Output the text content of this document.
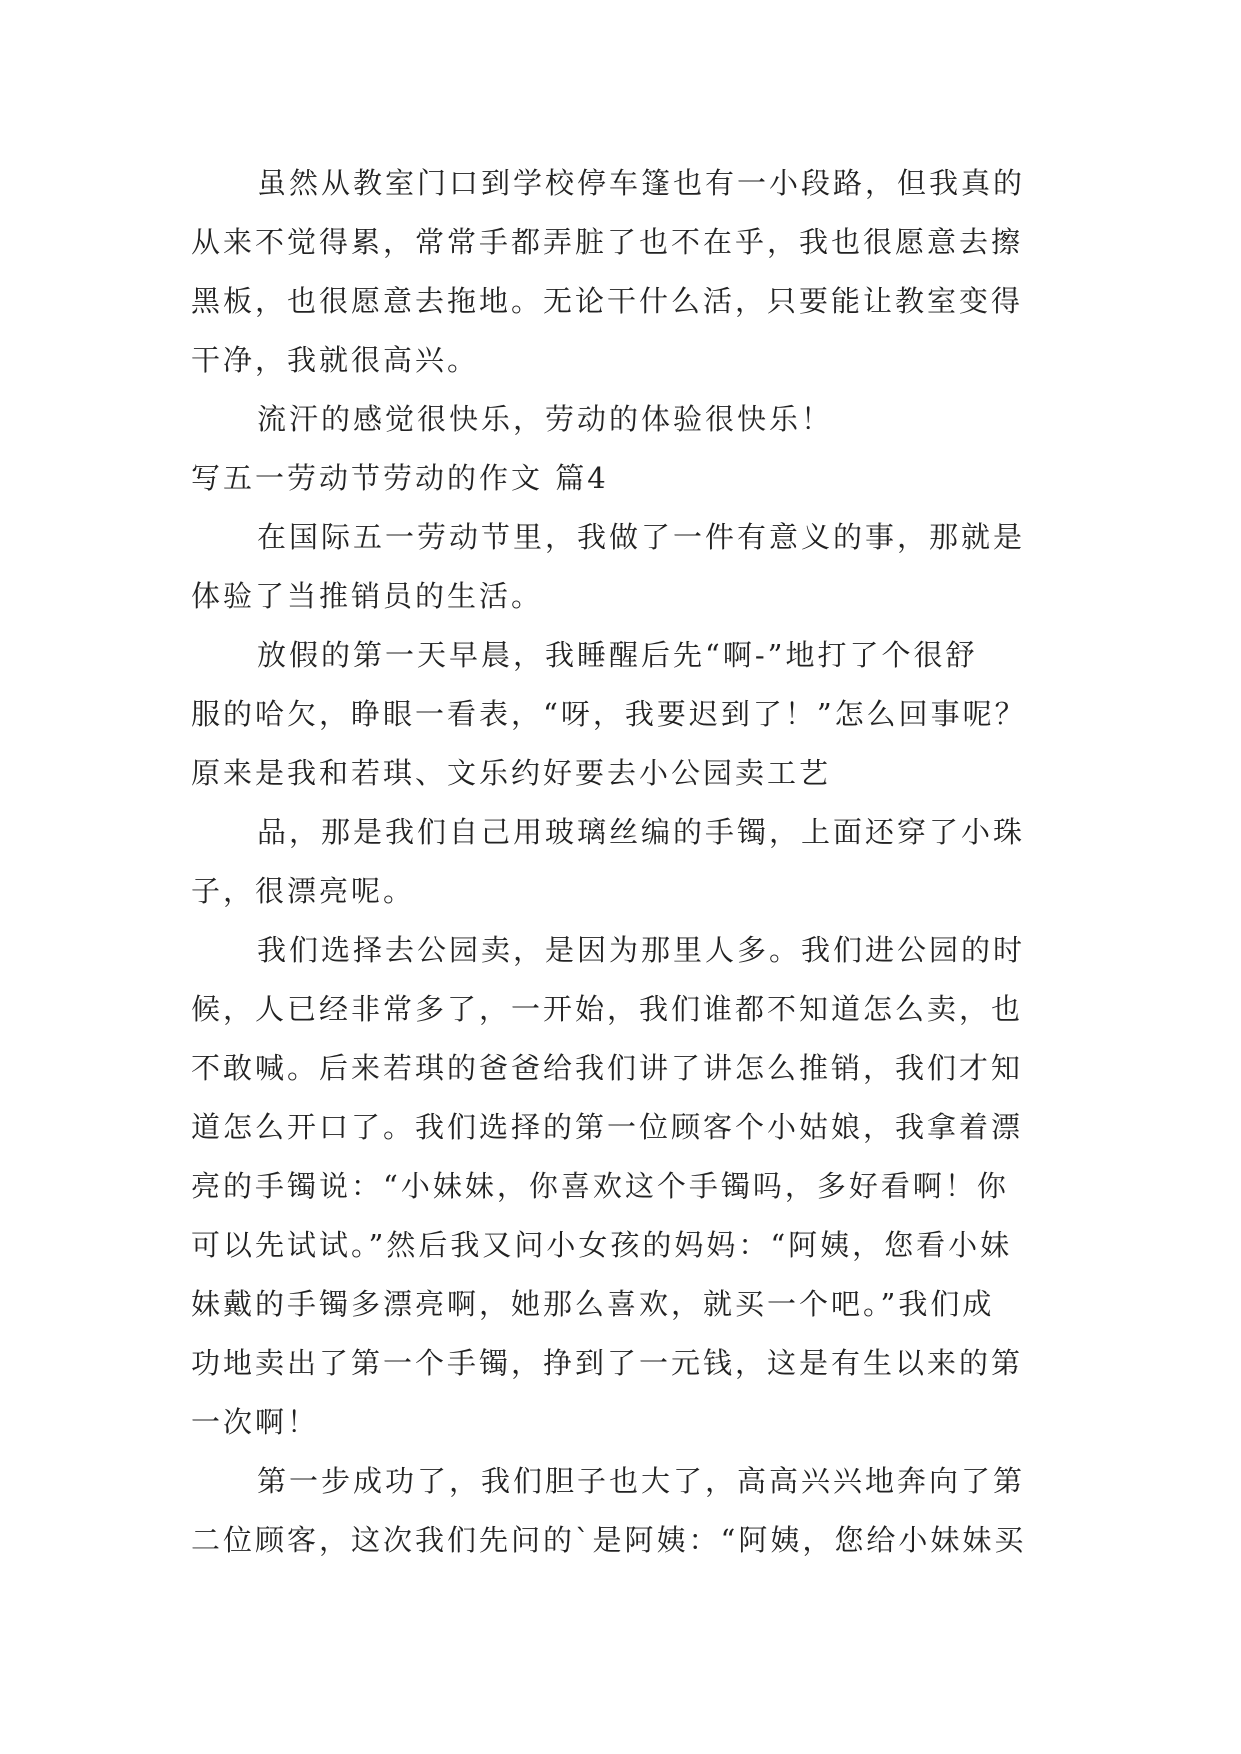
虽然从教室门口到学校停车篷也有一小段路，但我真的
从来不觉得累，常常手都弄脏了也不在乎，我也很愿意去擦
黑板，也很愿意去拖地。无论干什么活，只要能让教室变得
干净，我就很高兴。
流汗的感觉很快乐，劳动的体验很快乐！
写五一劳动节劳动的作文 篇4
在国际五一劳动节里，我做了一件有意义的事，那就是
体验了当推销员的生活。
放假的第一天早晨，我睡醒后先“啊-”地打了个很舒
服的哈欠，睁眼一看表，“呀，我要迟到了！”怎么回事呢？
原来是我和若琪、文乐约好要去小公园卖工艺
品，那是我们自己用玻璃丝编的手镯，上面还穿了小珠
子，很漂亮呢。
我们选择去公园卖，是因为那里人多。我们进公园的时
候，人已经非常多了，一开始，我们谁都不知道怎么卖，也
不敢喊。后来若琪的爸爸给我们讲了讲怎么推销，我们才知
道怎么开口了。我们选择的第一位顾客个小姑娘，我拿着漂
亮的手镯说：“小妹妹，你喜欢这个手镯吗，多好看啊！你
可以先试试。”然后我又问小女孩的妈妈：“阿姨，您看小妹
妹戴的手镯多漂亮啊，她那么喜欢，就买一个吧。”我们成
功地卖出了第一个手镯，挣到了一元钱，这是有生以来的第
一次啊！
第一步成功了，我们胆子也大了，高高兴兴地奔向了第
二位顾客，这次我们先问的`是阿姨：“阿姨，您给小妹妹买
